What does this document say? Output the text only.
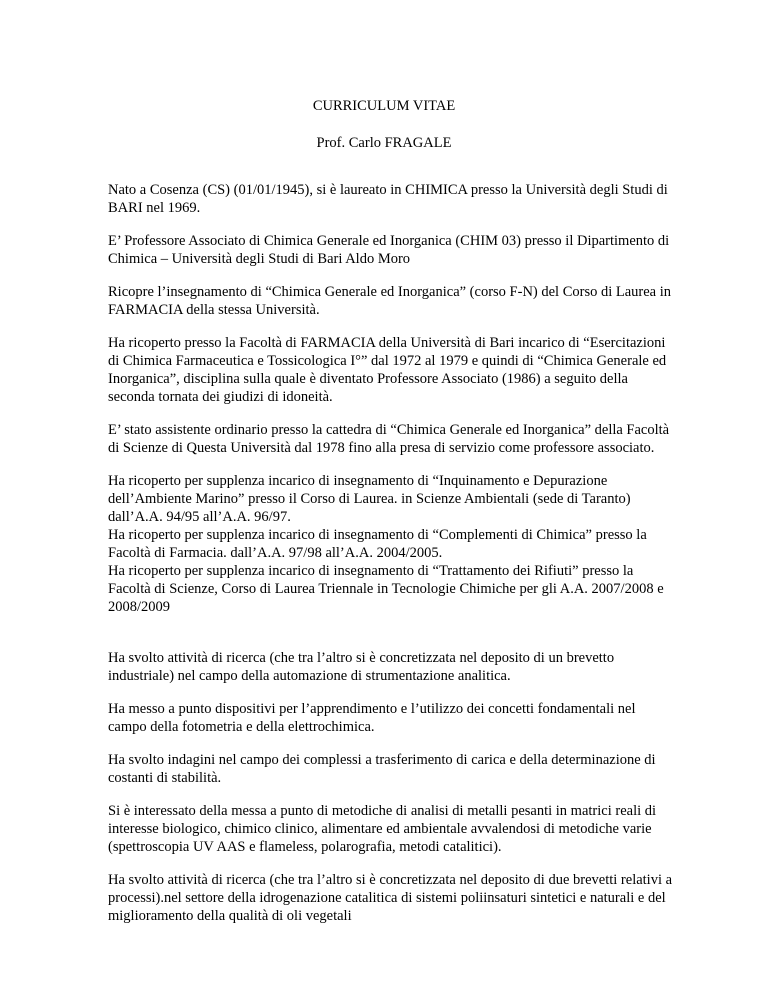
CURRICULUM VITAE
Prof. Carlo FRAGALE

Nato a Cosenza (CS) (01/01/1945), si è laureato in CHIMICA presso la Università degli Studi di
BARI nel 1969.

E’ Professore Associato di Chimica Generale ed Inorganica (CHIM 03) presso il Dipartimento di
Chimica – Università degli Studi di Bari Aldo Moro

Ricopre l’insegnamento di “Chimica Generale ed Inorganica” (corso F-N) del Corso di Laurea in
FARMACIA della stessa Università.

Ha ricoperto presso la Facoltà di FARMACIA della Università di Bari incarico di “Esercitazioni
di Chimica Farmaceutica e Tossicologica I°” dal 1972 al 1979 e quindi di “Chimica Generale ed
Inorganica”, disciplina sulla quale è diventato Professore Associato (1986) a seguito della
seconda tornata dei giudizi di idoneità.

E’ stato assistente ordinario presso la cattedra di “Chimica Generale ed Inorganica” della Facoltà
di Scienze di Questa Università dal 1978 fino alla presa di servizio come professore associato.

Ha ricoperto per supplenza incarico di insegnamento di “Inquinamento e Depurazione
dell’Ambiente Marino” presso il Corso di Laurea. in Scienze Ambientali (sede di Taranto)
dall’A.A. 94/95 all’A.A. 96/97.
Ha ricoperto per supplenza incarico di insegnamento di “Complementi di Chimica” presso la
Facoltà di Farmacia. dall’A.A. 97/98 all’A.A. 2004/2005.
Ha ricoperto per supplenza incarico di insegnamento di “Trattamento dei Rifiuti” presso la
Facoltà di Scienze, Corso di Laurea Triennale in Tecnologie Chimiche per gli A.A. 2007/2008 e
2008/2009

Ha svolto attività di ricerca (che tra l’altro si è concretizzata nel deposito di un brevetto
industriale) nel campo della automazione di strumentazione analitica.

Ha messo a punto dispositivi per l’apprendimento e l’utilizzo dei concetti fondamentali nel
campo della fotometria e della elettrochimica.

Ha svolto indagini nel campo dei complessi a trasferimento di carica e della determinazione di
costanti di stabilità.

Si è interessato della messa a punto di metodiche di analisi di metalli pesanti in matrici reali di
interesse biologico, chimico clinico, alimentare ed ambientale avvalendosi di metodiche varie
(spettroscopia UV AAS e flameless, polarografia, metodi catalitici).

Ha svolto attività di ricerca (che tra l’altro si è concretizzata nel deposito di due brevetti relativi a
processi).nel settore della idrogenazione catalitica di sistemi poliinsaturi sintetici e naturali e del
miglioramento della qualità di oli vegetali
